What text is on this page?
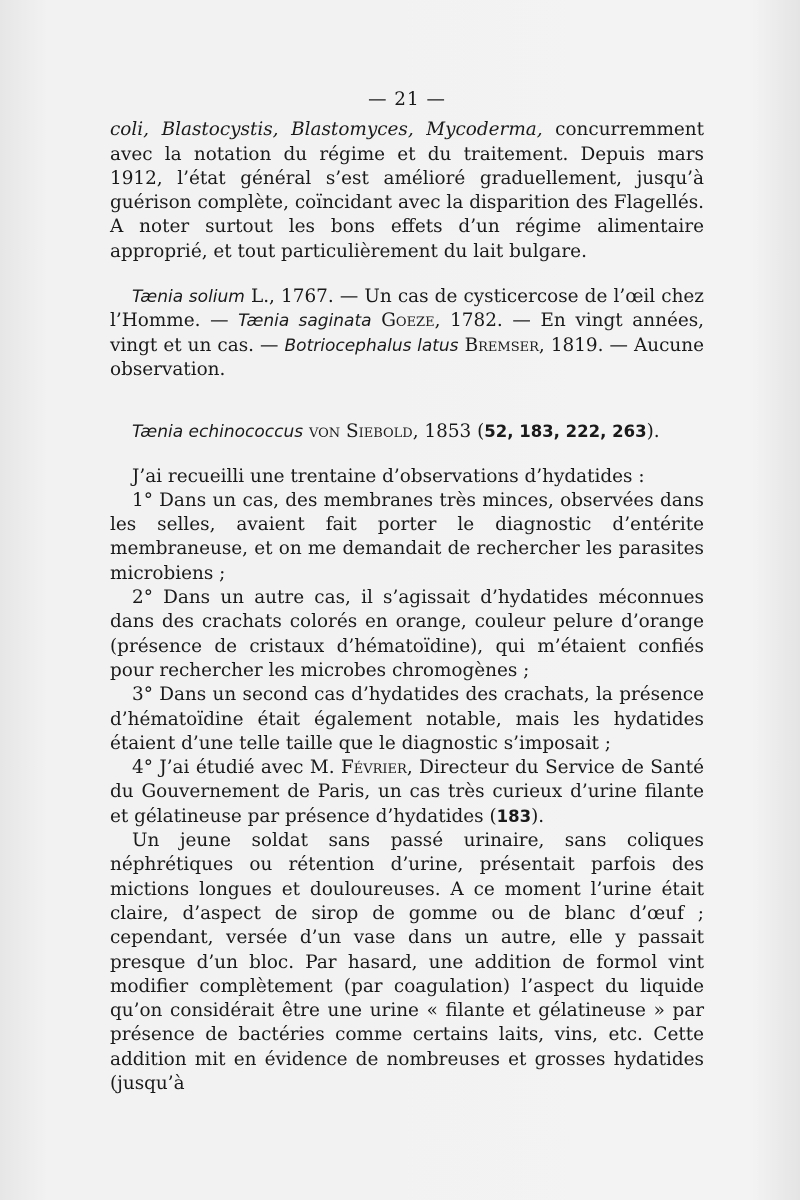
— 21 —

coli, Blastocystis, Blastomyces, Mycoderma, concurremment avec la notation du régime et du traitement. Depuis mars 1912, l’état général s’est amélioré graduellement, jusqu’à guérison complète, coïncidant avec la disparition des Flagellés. A noter surtout les bons effets d’un régime alimentaire approprié, et tout particulièrement du lait bulgare.

Tænia solium L., 1767. — Un cas de cysticercose de l’œil chez l’Homme. — Tænia saginata Goeze, 1782. — En vingt années, vingt et un cas. — Botriocephalus latus Bremser, 1819. — Aucune observation.

Tænia echinococcus von Siebold, 1853 (52, 183, 222, 263).

J’ai recueilli une trentaine d’observations d’hydatides :

1° Dans un cas, des membranes très minces, observées dans les selles, avaient fait porter le diagnostic d’entérite membraneuse, et on me demandait de rechercher les parasites microbiens ;

2° Dans un autre cas, il s’agissait d’hydatides méconnues dans des crachats colorés en orange, couleur pelure d’orange (présence de cristaux d’hématoïdine), qui m’étaient confiés pour rechercher les microbes chromogènes ;

3° Dans un second cas d’hydatides des crachats, la présence d’hématoïdine était également notable, mais les hydatides étaient d’une telle taille que le diagnostic s’imposait ;

4° J’ai étudié avec M. Février, Directeur du Service de Santé du Gouvernement de Paris, un cas très curieux d’urine filante et gélatineuse par présence d’hydatides (183).

Un jeune soldat sans passé urinaire, sans coliques néphrétiques ou rétention d’urine, présentait parfois des mictions longues et douloureuses. A ce moment l’urine était claire, d’aspect de sirop de gomme ou de blanc d’œuf ; cependant, versée d’un vase dans un autre, elle y passait presque d’un bloc. Par hasard, une addition de formol vint modifier complètement (par coagulation) l’aspect du liquide qu’on considérait être une urine « filante et gélatineuse » par présence de bactéries comme certains laits, vins, etc. Cette addition mit en évidence de nombreuses et grosses hydatides (jusqu’à
